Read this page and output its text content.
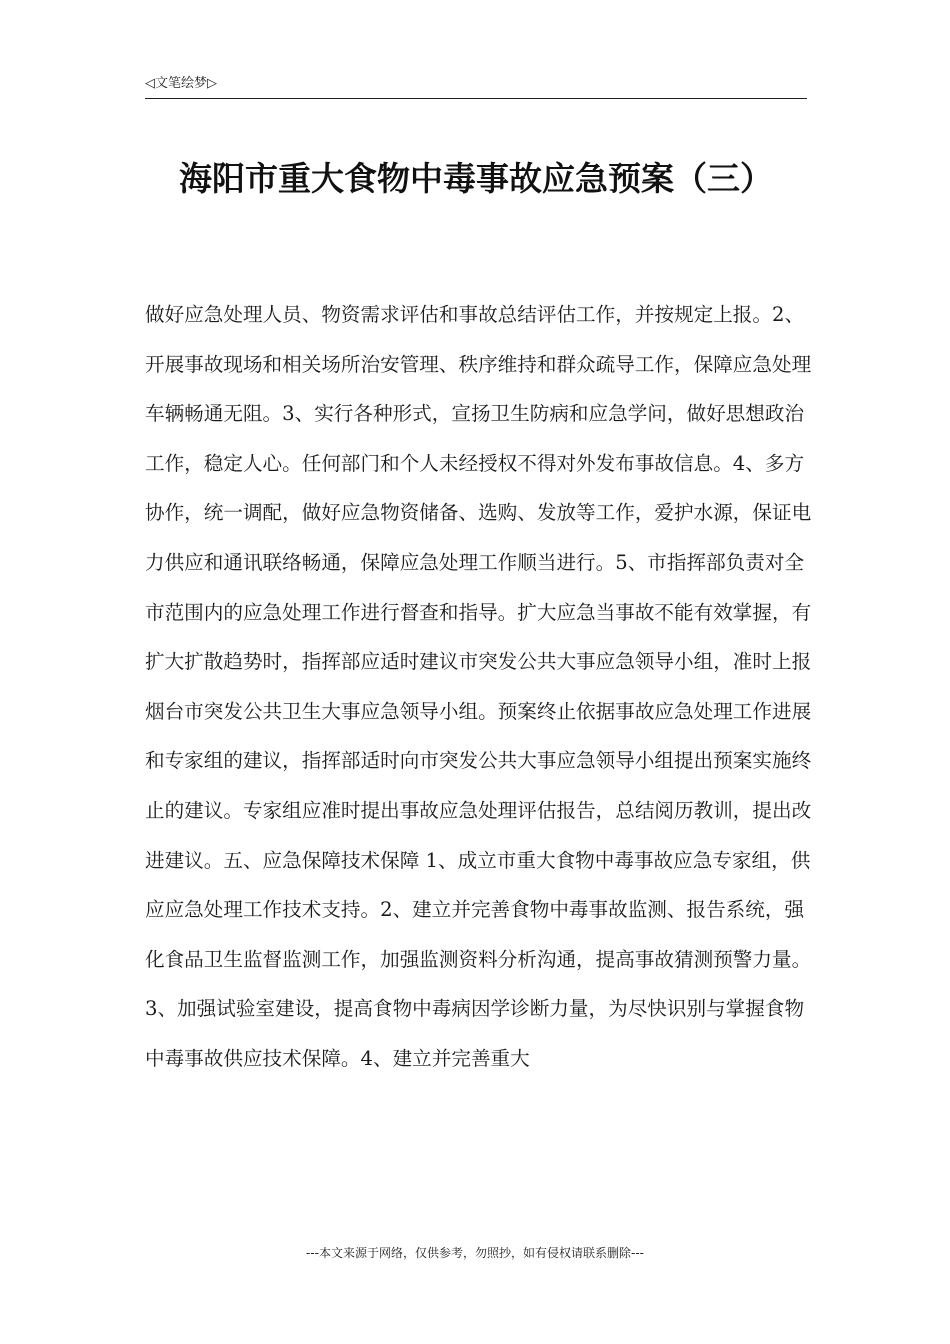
◁文笔绘梦▷
海阳市重大食物中毒事故应急预案（三）

做好应急处理人员、物资需求评估和事故总结评估工作，并按规定上报。2、开展事故现场和相关场所治安管理、秩序维持和群众疏导工作，保障应急处理车辆畅通无阻。3、实行各种形式，宣扬卫生防病和应急学问，做好思想政治工作，稳定人心。任何部门和个人未经授权不得对外发布事故信息。4、多方协作，统一调配，做好应急物资储备、选购、发放等工作，爱护水源，保证电力供应和通讯联络畅通，保障应急处理工作顺当进行。5、市指挥部负责对全市范围内的应急处理工作进行督查和指导。扩大应急当事故不能有效掌握，有扩大扩散趋势时，指挥部应适时建议市突发公共大事应急领导小组，准时上报烟台市突发公共卫生大事应急领导小组。预案终止依据事故应急处理工作进展和专家组的建议，指挥部适时向市突发公共大事应急领导小组提出预案实施终止的建议。专家组应准时提出事故应急处理评估报告，总结阅历教训，提出改进建议。五、应急保障技术保障 1、成立市重大食物中毒事故应急专家组，供应应急处理工作技术支持。2、建立并完善食物中毒事故监测、报告系统，强化食品卫生监督监测工作，加强监测资料分析沟通，提高事故猜测预警力量。3、加强试验室建设，提高食物中毒病因学诊断力量，为尽快识别与掌握食物中毒事故供应技术保障。4、建立并完善重大

---本文来源于网络，仅供参考，勿照抄，如有侵权请联系删除---
